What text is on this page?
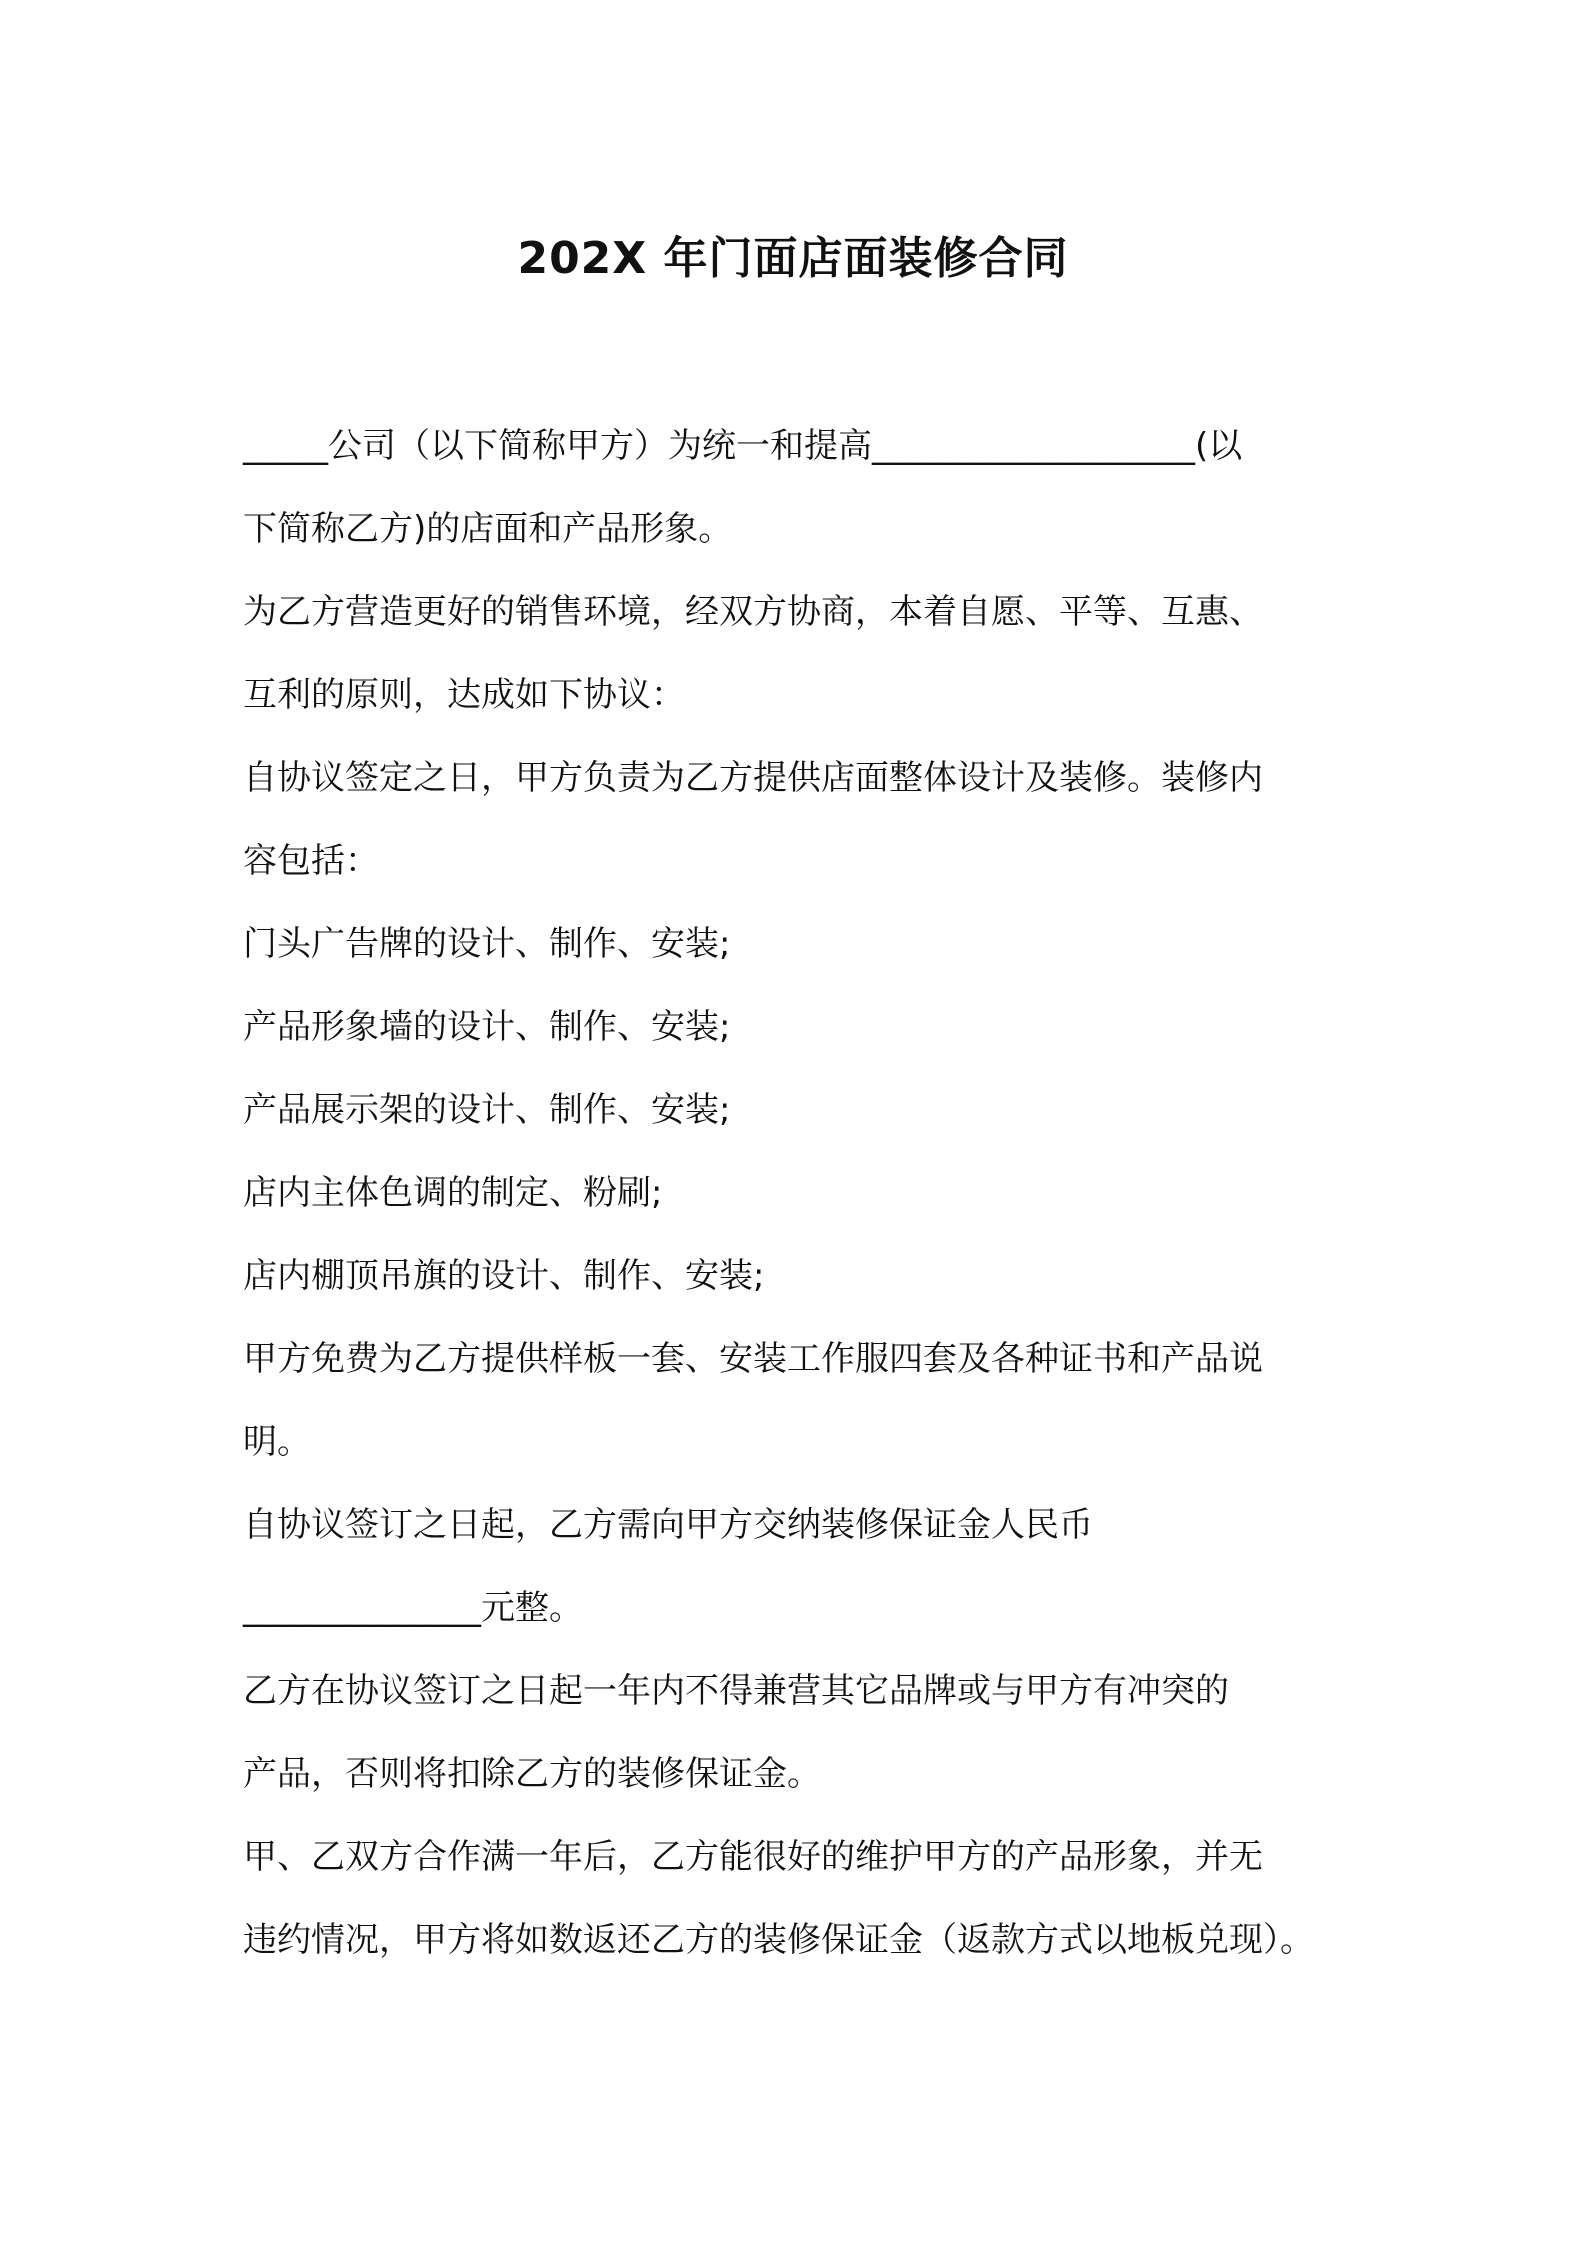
202X 年门面店面装修合同
_____公司（以下简称甲方）为统一和提高___________________(以
下简称乙方)的店面和产品形象。
为乙方营造更好的销售环境，经双方协商，本着自愿、平等、互惠、
互利的原则，达成如下协议：
自协议签定之日，甲方负责为乙方提供店面整体设计及装修。装修内
容包括：
门头广告牌的设计、制作、安装;
产品形象墙的设计、制作、安装;
产品展示架的设计、制作、安装;
店内主体色调的制定、粉刷;
店内棚顶吊旗的设计、制作、安装;
甲方免费为乙方提供样板一套、安装工作服四套及各种证书和产品说
明。
自协议签订之日起，乙方需向甲方交纳装修保证金人民币
______________元整。
乙方在协议签订之日起一年内不得兼营其它品牌或与甲方有冲突的
产品，否则将扣除乙方的装修保证金。
甲、乙双方合作满一年后，乙方能很好的维护甲方的产品形象，并无
违约情况，甲方将如数返还乙方的装修保证金（返款方式以地板兑现）。
